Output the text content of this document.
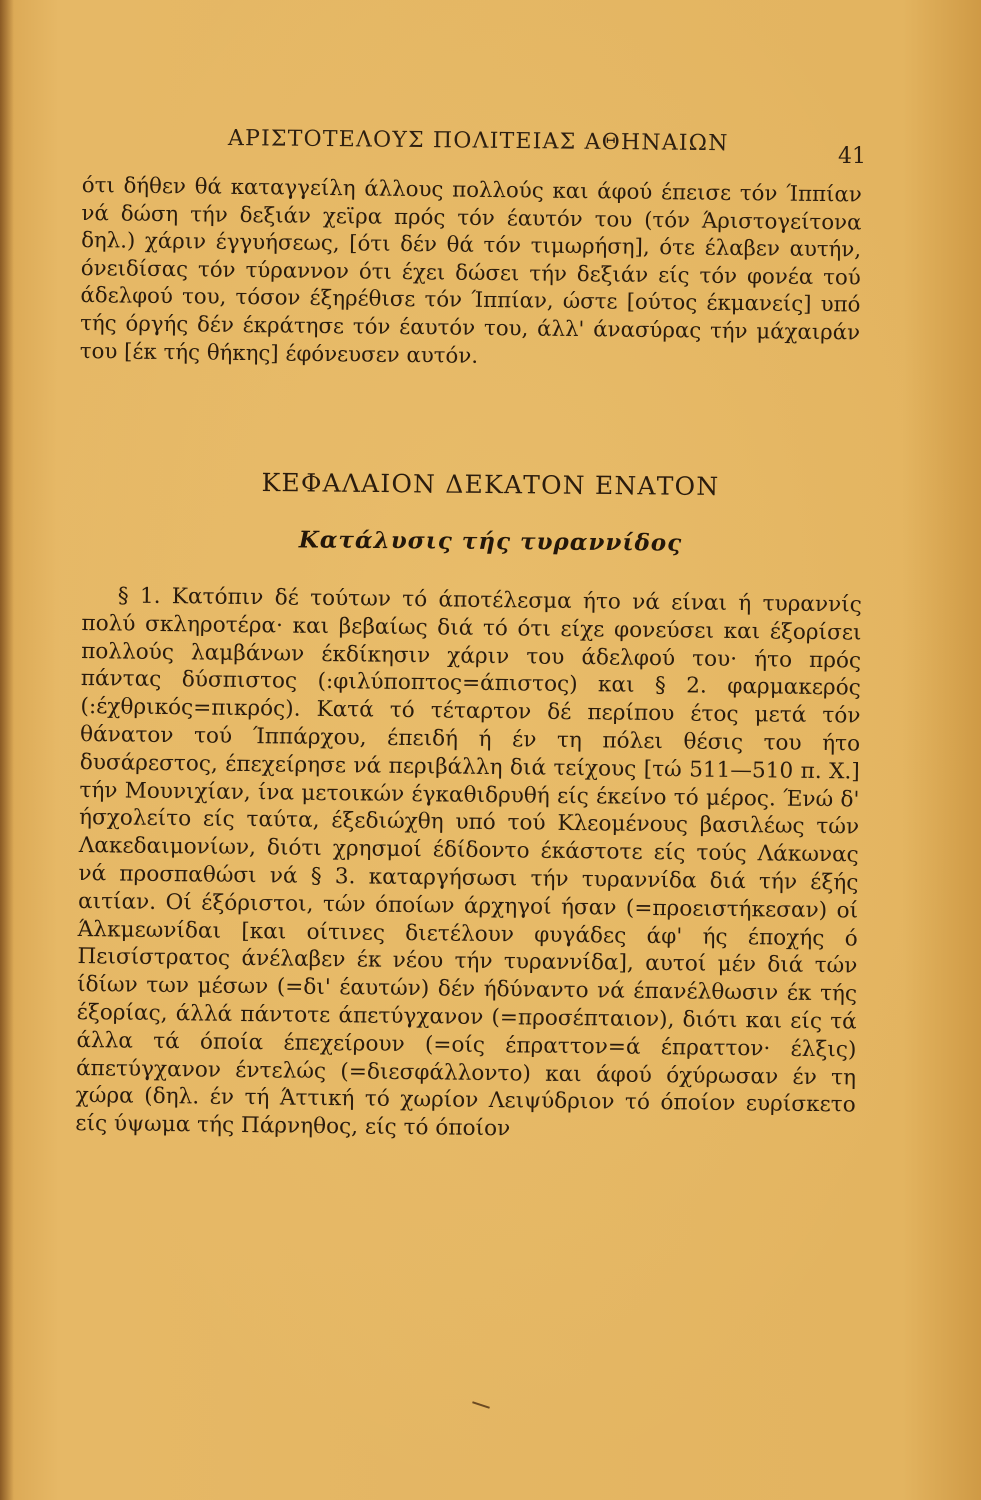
ΑΡΙΣΤΟΤΕΛΟΥΣ ΠΟΛΙΤΕΙΑΣ ΑΘΗΝΑΙΩΝ
41

ότι δήθεν θά καταγγείλη άλλους πολλούς και άφού έπεισε τόν Ίππίαν νά δώση τήν δεξιάν χεϊρα πρός τόν έαυτόν του (τόν Άριστογείτονα δηλ.) χάριν έγγυήσεως, [ότι δέν θά τόν τιμωρήση], ότε έλαβεν αυτήν, όνειδίσας τόν τύραννον ότι έχει δώσει τήν δεξιάν είς τόν φονέα τού άδελφού του, τόσον έξηρέθισε τόν Ίππίαν, ώστε [ούτος έκμανείς] υπό τής όργής δέν έκράτησε τόν έαυτόν του, άλλ' άνασύρας τήν μάχαιράν του [έκ τής θήκης] έφόνευσεν αυτόν.

ΚΕΦΑΛΑΙΟΝ ΔΕΚΑΤΟΝ ΕΝΑΤΟΝ
Κατάλυσις τής τυραννίδος

§ 1. Κατόπιν δέ τούτων τό άποτέλεσμα ήτο νά είναι ή τυραννίς πολύ σκληροτέρα· και βεβαίως διά τό ότι είχε φονεύσει και έξορίσει πολλούς λαμβάνων έκδίκησιν χάριν του άδελφού του· ήτο πρός πάντας δύσπιστος (:φιλύποπτος=άπιστος) και § 2. φαρμακερός (:έχθρικός=πικρός). Κατά τό τέταρτον δέ περίπου έτος μετά τόν θάνατον τού Ίππάρχου, έπειδή ή έν τη πόλει θέσις του ήτο δυσάρεστος, έπεχείρησε νά περιβάλλη διά τείχους [τώ 511—510 π. Χ.] τήν Μουνιχίαν, ίνα μετοικών έγκαθιδρυθή είς έκείνο τό μέρος. Ένώ δ' ήσχολείτο είς ταύτα, έξεδιώχθη υπό τού Κλεομένους βασιλέως τών Λακεδαιμονίων, διότι χρησμοί έδίδοντο έκάστοτε είς τούς Λάκωνας νά προσπαθώσι νά § 3. καταργήσωσι τήν τυραννίδα διά τήν έξής αιτίαν. Οί έξόριστοι, τών όποίων άρχηγοί ήσαν (=προειστήκεσαν) οί Άλκμεωνίδαι [και οίτινες διετέλουν φυγάδες άφ' ής έποχής ό Πεισίστρατος άνέλαβεν έκ νέου τήν τυραννίδα], αυτοί μέν διά τών ίδίων των μέσων (=δι' έαυτών) δέν ήδύναντο νά έπανέλθωσιν έκ τής έξορίας, άλλά πάντοτε άπετύγχανον (=προσέπταιον), διότι και είς τά άλλα τά όποία έπεχείρουν (=οίς έπραττον=ά έπραττον· έλξις) άπετύγχανον έντελώς (=διεσφάλλοντο) και άφού όχύρωσαν έν τη χώρα (δηλ. έν τή Άττική τό χωρίον Λειψύδριον τό όποίον ευρίσκετο είς ύψωμα τής Πάρνηθος, είς τό όποίον
